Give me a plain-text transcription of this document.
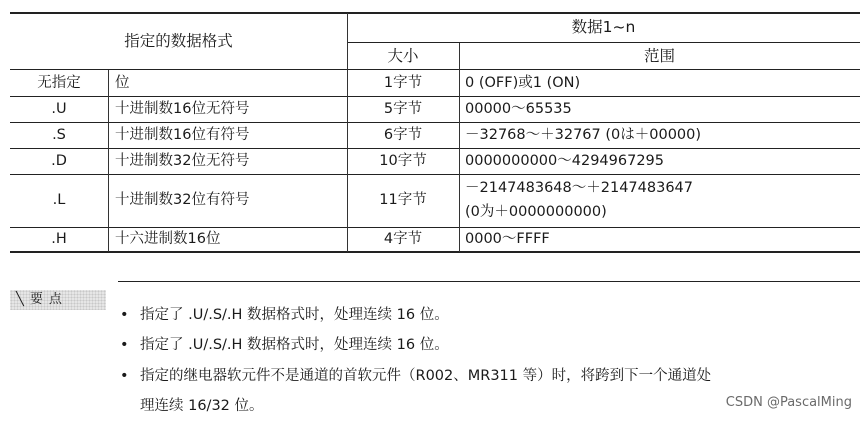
指定的数据格式
数据1~n
大小	范围
无指定	位	1字节	0 (OFF)或1 (ON)
.U	十进制数16位无符号	5字节	00000～65535
.S	十进制数16位有符号	6字节	－32768～＋32767 (0は＋00000)
.D	十进制数32位无符号	10字节	0000000000～4294967295
.L	十进制数32位有符号	11字节
－2147483648～＋2147483647
(0为＋0000000000)
.H	十六进制数16位	4字节	0000～FFFF
╲ 要点
• 指定了 .U/.S/.H 数据格式时，处理连续 16 位。
• 指定了 .U/.S/.H 数据格式时，处理连续 16 位。
• 指定的继电器软元件不是通道的首软元件（R002、MR311 等）时，将跨到下一个通道处
理连续 16/32 位。	CSDN @PascalMing
